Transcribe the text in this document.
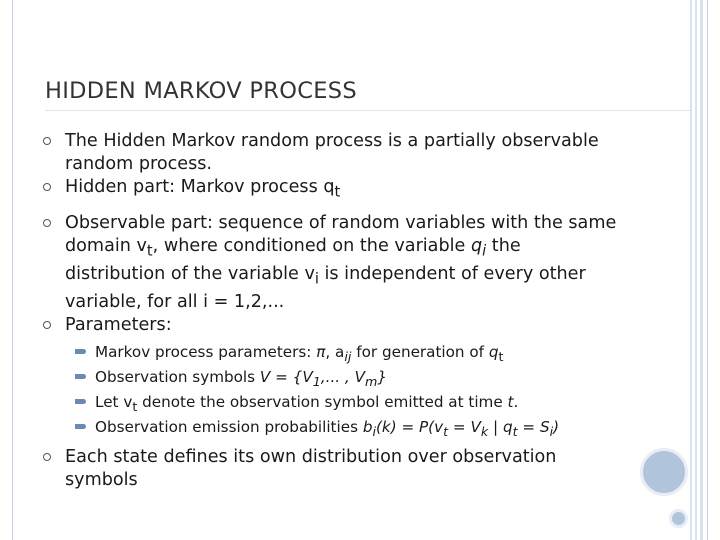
HIDDEN MARKOV PROCESS
The Hidden Markov random process is a partially observable random process.
Hidden part: Markov process $q_t$
Observable part: sequence of random variables with the same domain $v_t$, where conditioned on the variable $q_i$ the distribution of the variable $v_i$ is independent of every other variable, for all i = 1,2,...
Parameters:
Markov process parameters: π, $a_{ij}$ for generation of $q_t$
Observation symbols $V = \{V_1$,... , $V_m$}
Let $v_t$ denote the observation symbol emitted at time t.
Observation emission probabilities $b_i(k) = P(v_t = V_k$ | $q_t = S_i$)
Each state defines its own distribution over observation symbols
